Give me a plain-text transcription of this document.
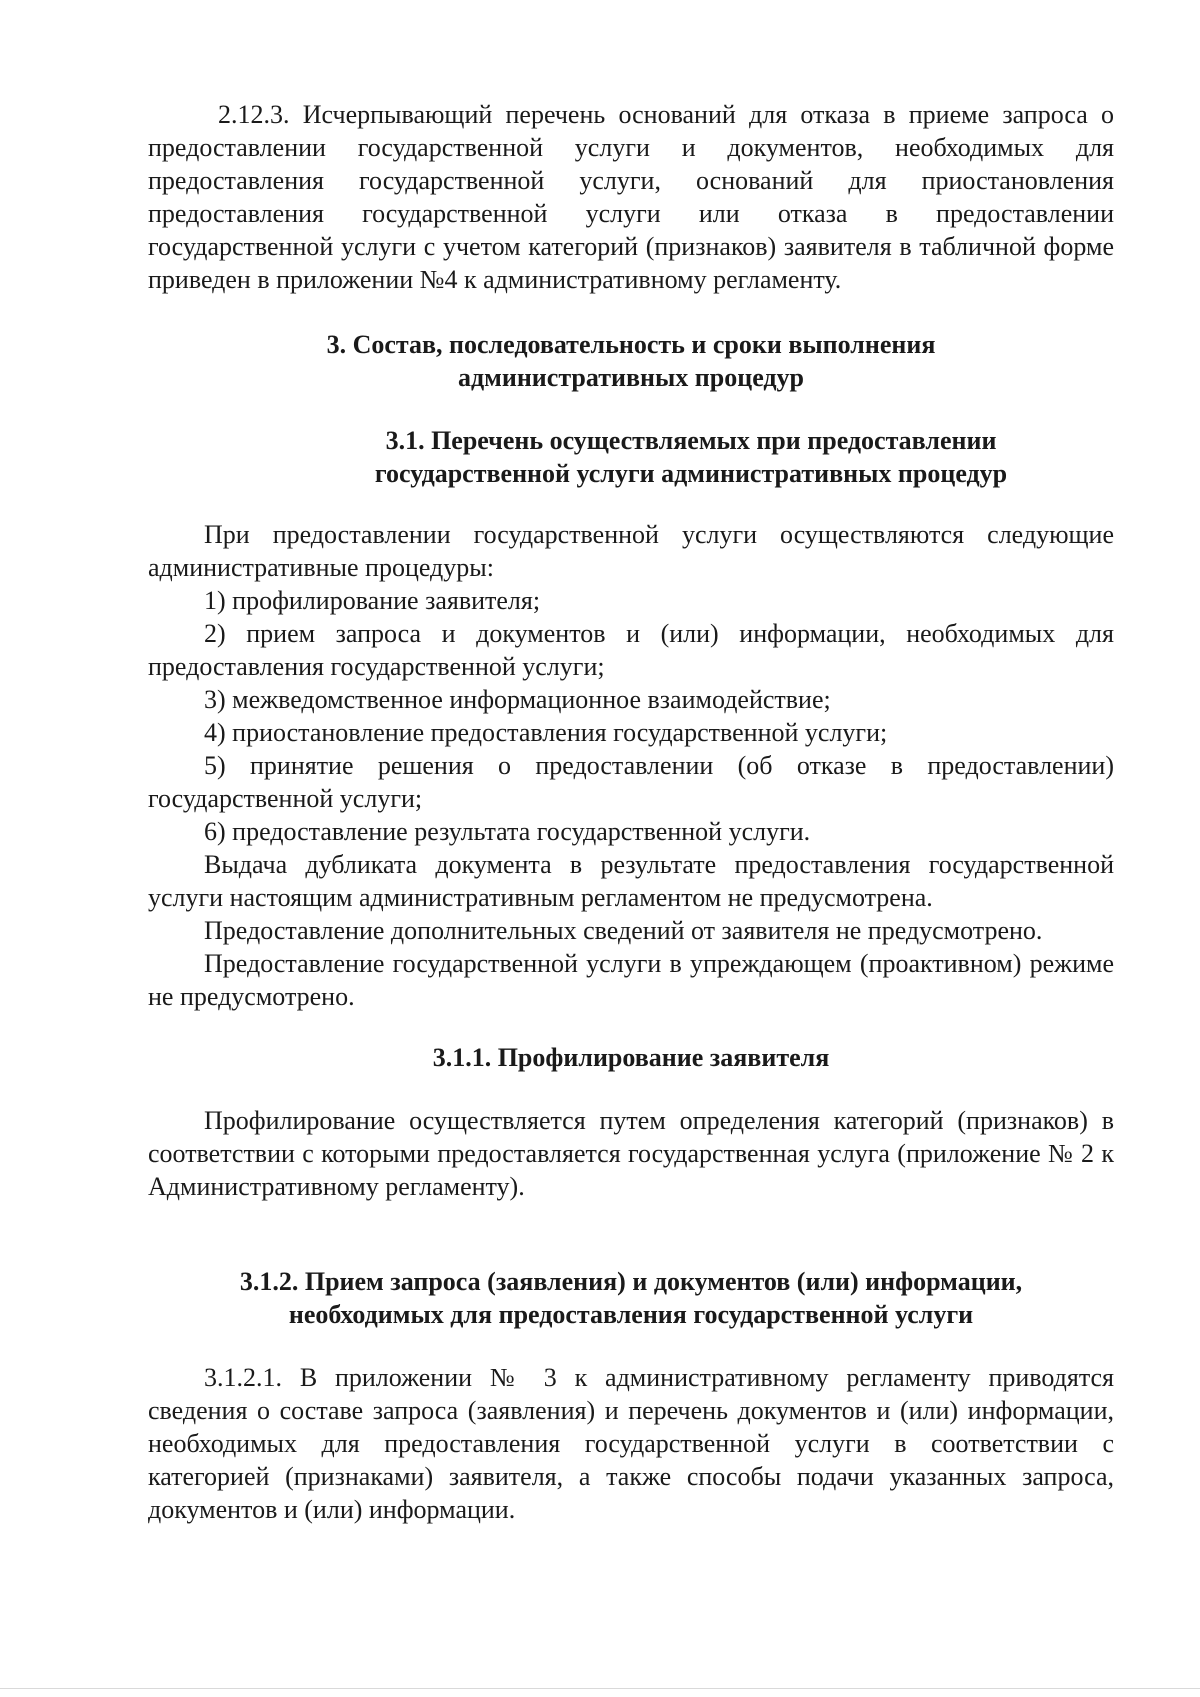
2.12.3. Исчерпывающий перечень оснований для отказа в приеме запроса о предоставлении государственной услуги и документов, необходимых для предоставления государственной услуги, оснований для приостановления предоставления государственной услуги или отказа в предоставлении государственной услуги с учетом категорий (признаков) заявителя в табличной форме приведен в приложении №4 к административному регламенту.

3. Состав, последовательность и сроки выполнения административных процедур
3.1. Перечень осуществляемых при предоставлении государственной услуги административных процедур

При предоставлении государственной услуги осуществляются следующие административные процедуры:

1) профилирование заявителя;

2) прием запроса и документов и (или) информации, необходимых для предоставления государственной услуги;

3) межведомственное информационное взаимодействие;

4) приостановление предоставления государственной услуги;

5) принятие решения о предоставлении (об отказе в предоставлении) государственной услуги;

6) предоставление результата государственной услуги.

Выдача дубликата документа в результате предоставления государственной услуги настоящим административным регламентом не предусмотрена.

Предоставление дополнительных сведений от заявителя не предусмотрено.

Предоставление государственной услуги в упреждающем (проактивном) режиме не предусмотрено.

3.1.1. Профилирование заявителя

Профилирование осуществляется путем определения категорий (признаков) в соответствии с которыми предоставляется государственная услуга (приложение № 2 к Административному регламенту).

3.1.2. Прием запроса (заявления) и документов (или) информации, необходимых для предоставления государственной услуги

3.1.2.1. В приложении № 3 к административному регламенту приводятся сведения о составе запроса (заявления) и перечень документов и (или) информации, необходимых для предоставления государственной услуги в соответствии с категорией (признаками) заявителя, а также способы подачи указанных запроса, документов и (или) информации.
